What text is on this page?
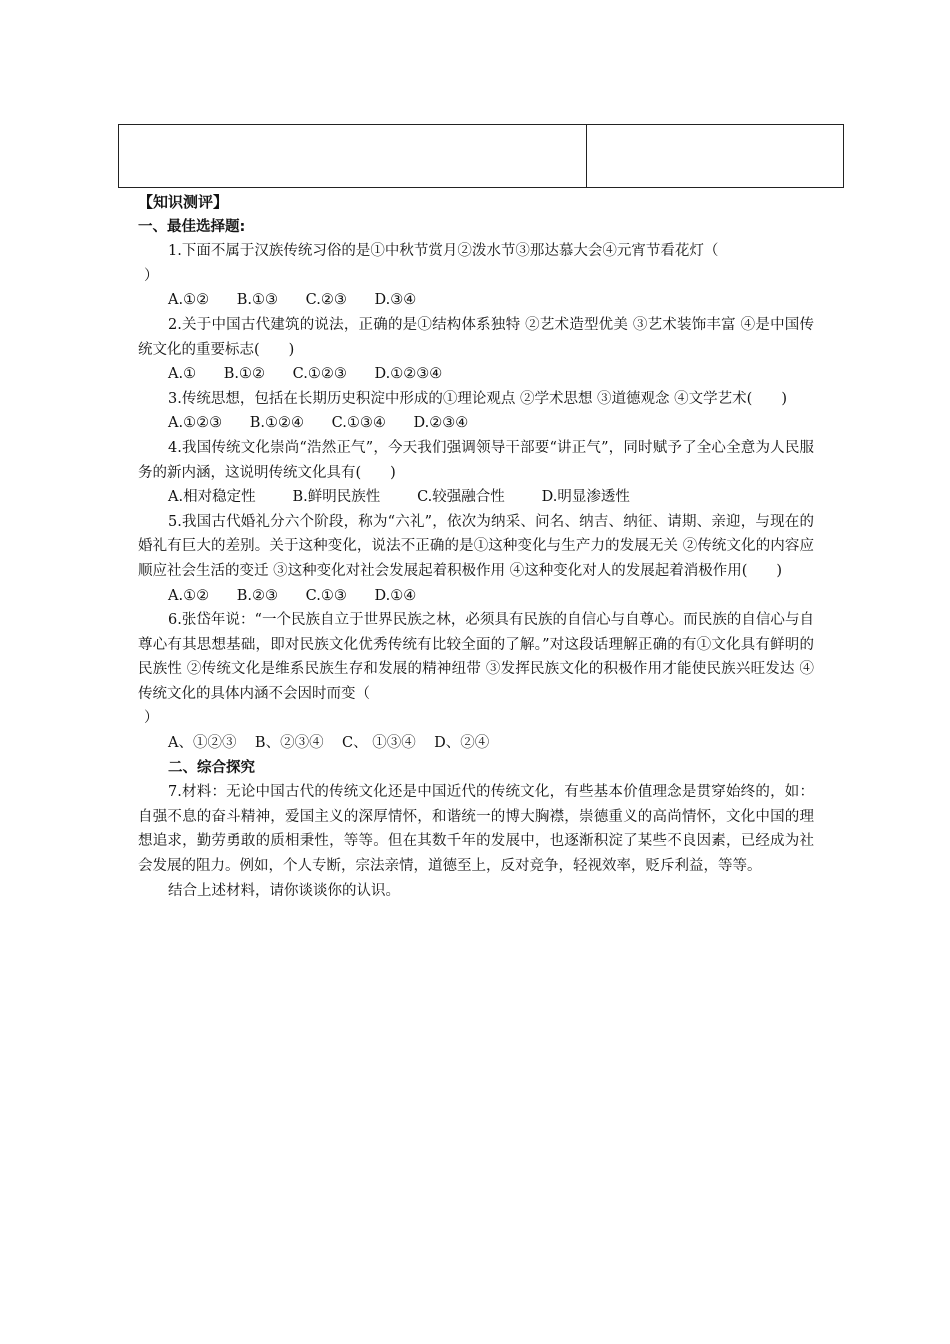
【知识测评】
一、最佳选择题:

1.下面不属于汉族传统习俗的是①中秋节赏月②泼水节③那达慕大会④元宵节看花灯（

）

A.①② B.①③ C.②③ D.③④

2.关于中国古代建筑的说法，正确的是①结构体系独特 ②艺术造型优美 ③艺术装饰丰富 ④是中国传统文化的重要标志(　　)

A.① B.①② C.①②③ D.①②③④

3.传统思想，包括在长期历史积淀中形成的①理论观点 ②学术思想 ③道德观念 ④文学艺术(　　)

A.①②③ B.①②④ C.①③④ D.②③④

4.我国传统文化崇尚“浩然正气”，今天我们强调领导干部要“讲正气”，同时赋予了全心全意为人民服务的新内涵，这说明传统文化具有(　　)

A.相对稳定性	B.鲜明民族性	C.较强融合性	D.明显渗透性

5.我国古代婚礼分六个阶段，称为“六礼”，依次为纳采、问名、纳吉、纳征、请期、亲迎，与现在的婚礼有巨大的差别。关于这种变化，说法不正确的是①这种变化与生产力的发展无关 ②传统文化的内容应顺应社会生活的变迁 ③这种变化对社会发展起着积极作用 ④这种变化对人的发展起着消极作用(　　)

A.①② B.②③ C.①③ D.①④

6.张岱年说：“一个民族自立于世界民族之林，必须具有民族的自信心与自尊心。而民族的自信心与自尊心有其思想基础，即对民族文化优秀传统有比较全面的了解。”对这段话理解正确的有①文化具有鲜明的民族性 ②传统文化是维系民族生存和发展的精神纽带 ③发挥民族文化的积极作用才能使民族兴旺发达 ④传统文化的具体内涵不会因时而变（

）

A、①②③ B、②③④ C、 ①③④ D、②④

二、综合探究

7.材料：无论中国古代的传统文化还是中国近代的传统文化，有些基本价值理念是贯穿始终的，如：自强不息的奋斗精神，爱国主义的深厚情怀，和谐统一的博大胸襟，崇德重义的高尚情怀，文化中国的理想追求，勤劳勇敢的质相秉性，等等。但在其数千年的发展中，也逐渐积淀了某些不良因素，已经成为社会发展的阻力。例如，个人专断，宗法亲情，道德至上，反对竞争，轻视效率，贬斥利益，等等。

结合上述材料，请你谈谈你的认识。
